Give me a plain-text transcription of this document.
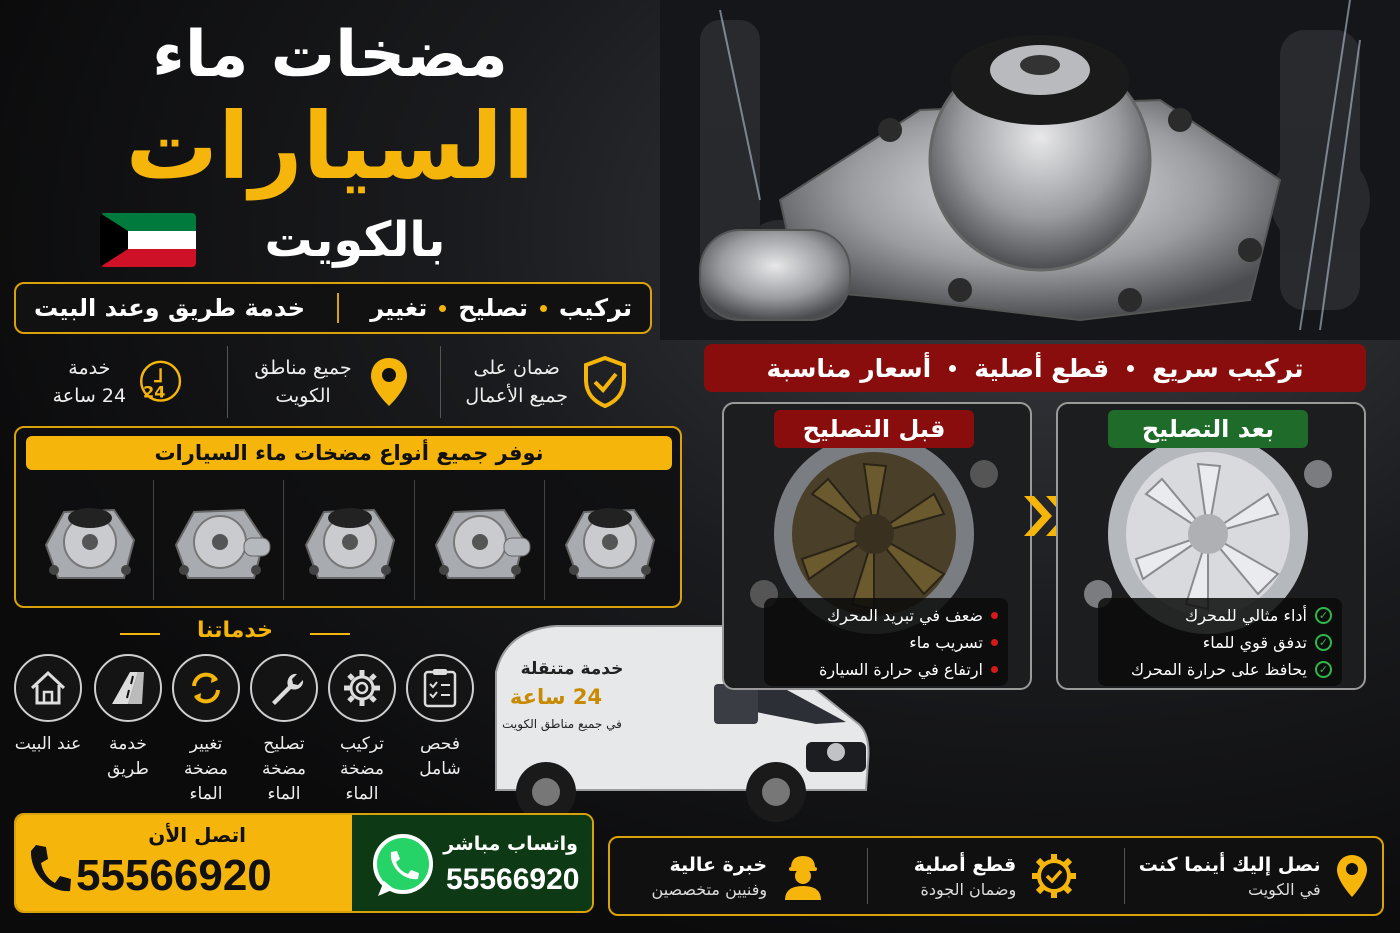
مضخات ماء
السيارات
بالكويت
تركيب
تصليح
تغيير
خدمة طريق وعند البيت
ضمان على
جميع الأعمال
جميع مناطق
الكويت
24
خدمة
24 ساعة
نوفر جميع أنواع مضخات ماء السيارات
خدماتنا
فحص شامل
تركيب مضخة الماء
تصليح مضخة الماء
تغيير مضخة الماء
خدمة طريق
عند البيت
خدمة متنقلة
24 ساعة
في جميع مناطق الكويت
اتصل الأن
55566920
واتساب مباشر
55566920
تركيب سريع
قطع أصلية
أسعار مناسبة
قبل التصليح
ضعف في تبريد المحرك
تسريب ماء
ارتفاع في حرارة السيارة
بعد التصليح
✓
أداء مثالي للمحرك
✓
تدفق قوي للماء
✓
يحافظ على حرارة المحرك
نصل إليك أينما كنت
في الكويت
قطع أصلية
وضمان الجودة
خبرة عالية
وفنيين متخصصين
